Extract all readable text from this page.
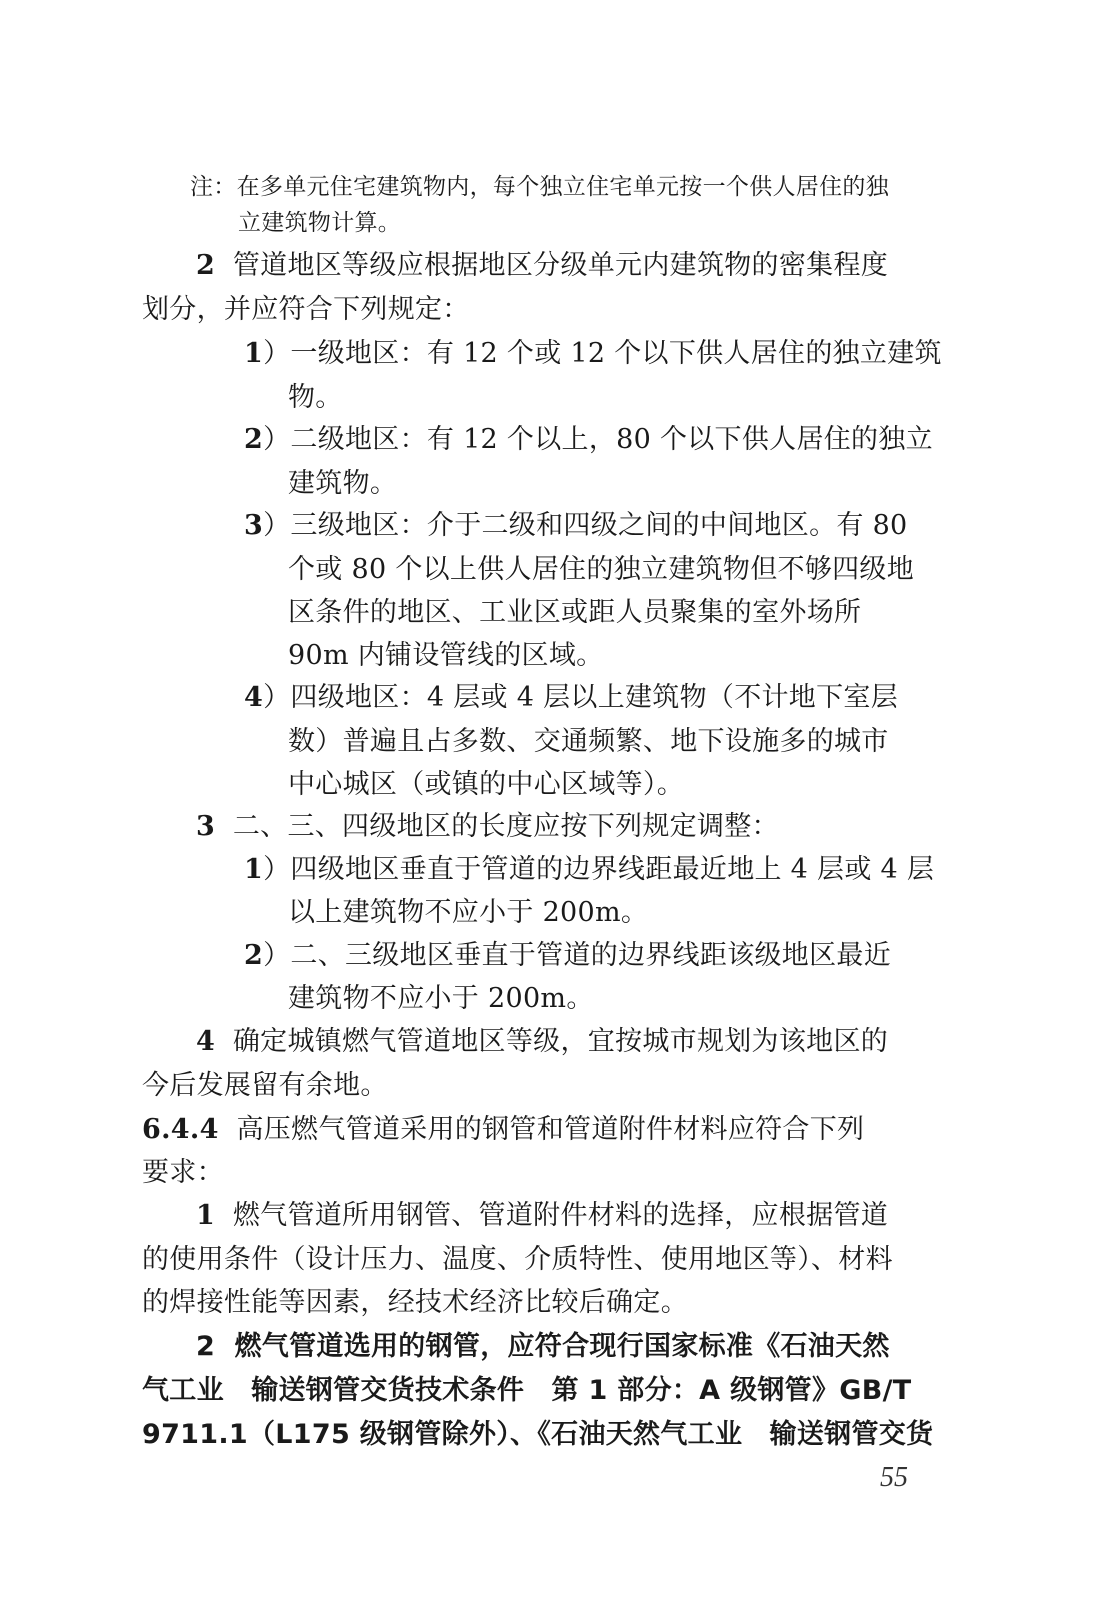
注：在多单元住宅建筑物内，每个独立住宅单元按一个供人居住的独
立建筑物计算。
2 管道地区等级应根据地区分级单元内建筑物的密集程度
划分，并应符合下列规定：
1）一级地区：有 12 个或 12 个以下供人居住的独立建筑
物。
2）二级地区：有 12 个以上，80 个以下供人居住的独立
建筑物。
3）三级地区：介于二级和四级之间的中间地区。有 80
个或 80 个以上供人居住的独立建筑物但不够四级地
区条件的地区、工业区或距人员聚集的室外场所
90m 内铺设管线的区域。
4）四级地区：4 层或 4 层以上建筑物（不计地下室层
数）普遍且占多数、交通频繁、地下设施多的城市
中心城区（或镇的中心区域等）。
3 二、三、四级地区的长度应按下列规定调整：
1）四级地区垂直于管道的边界线距最近地上 4 层或 4 层
以上建筑物不应小于 200m。
2）二、三级地区垂直于管道的边界线距该级地区最近
建筑物不应小于 200m。
4 确定城镇燃气管道地区等级，宜按城市规划为该地区的
今后发展留有余地。
6.4.4 高压燃气管道采用的钢管和管道附件材料应符合下列
要求：
1 燃气管道所用钢管、管道附件材料的选择，应根据管道
的使用条件（设计压力、温度、介质特性、使用地区等）、材料
的焊接性能等因素，经技术经济比较后确定。
2 燃气管道选用的钢管，应符合现行国家标准《石油天然
气工业　输送钢管交货技术条件　第 1 部分：A 级钢管》GB/T
9711.1（L175 级钢管除外）、《石油天然气工业　输送钢管交货
55
